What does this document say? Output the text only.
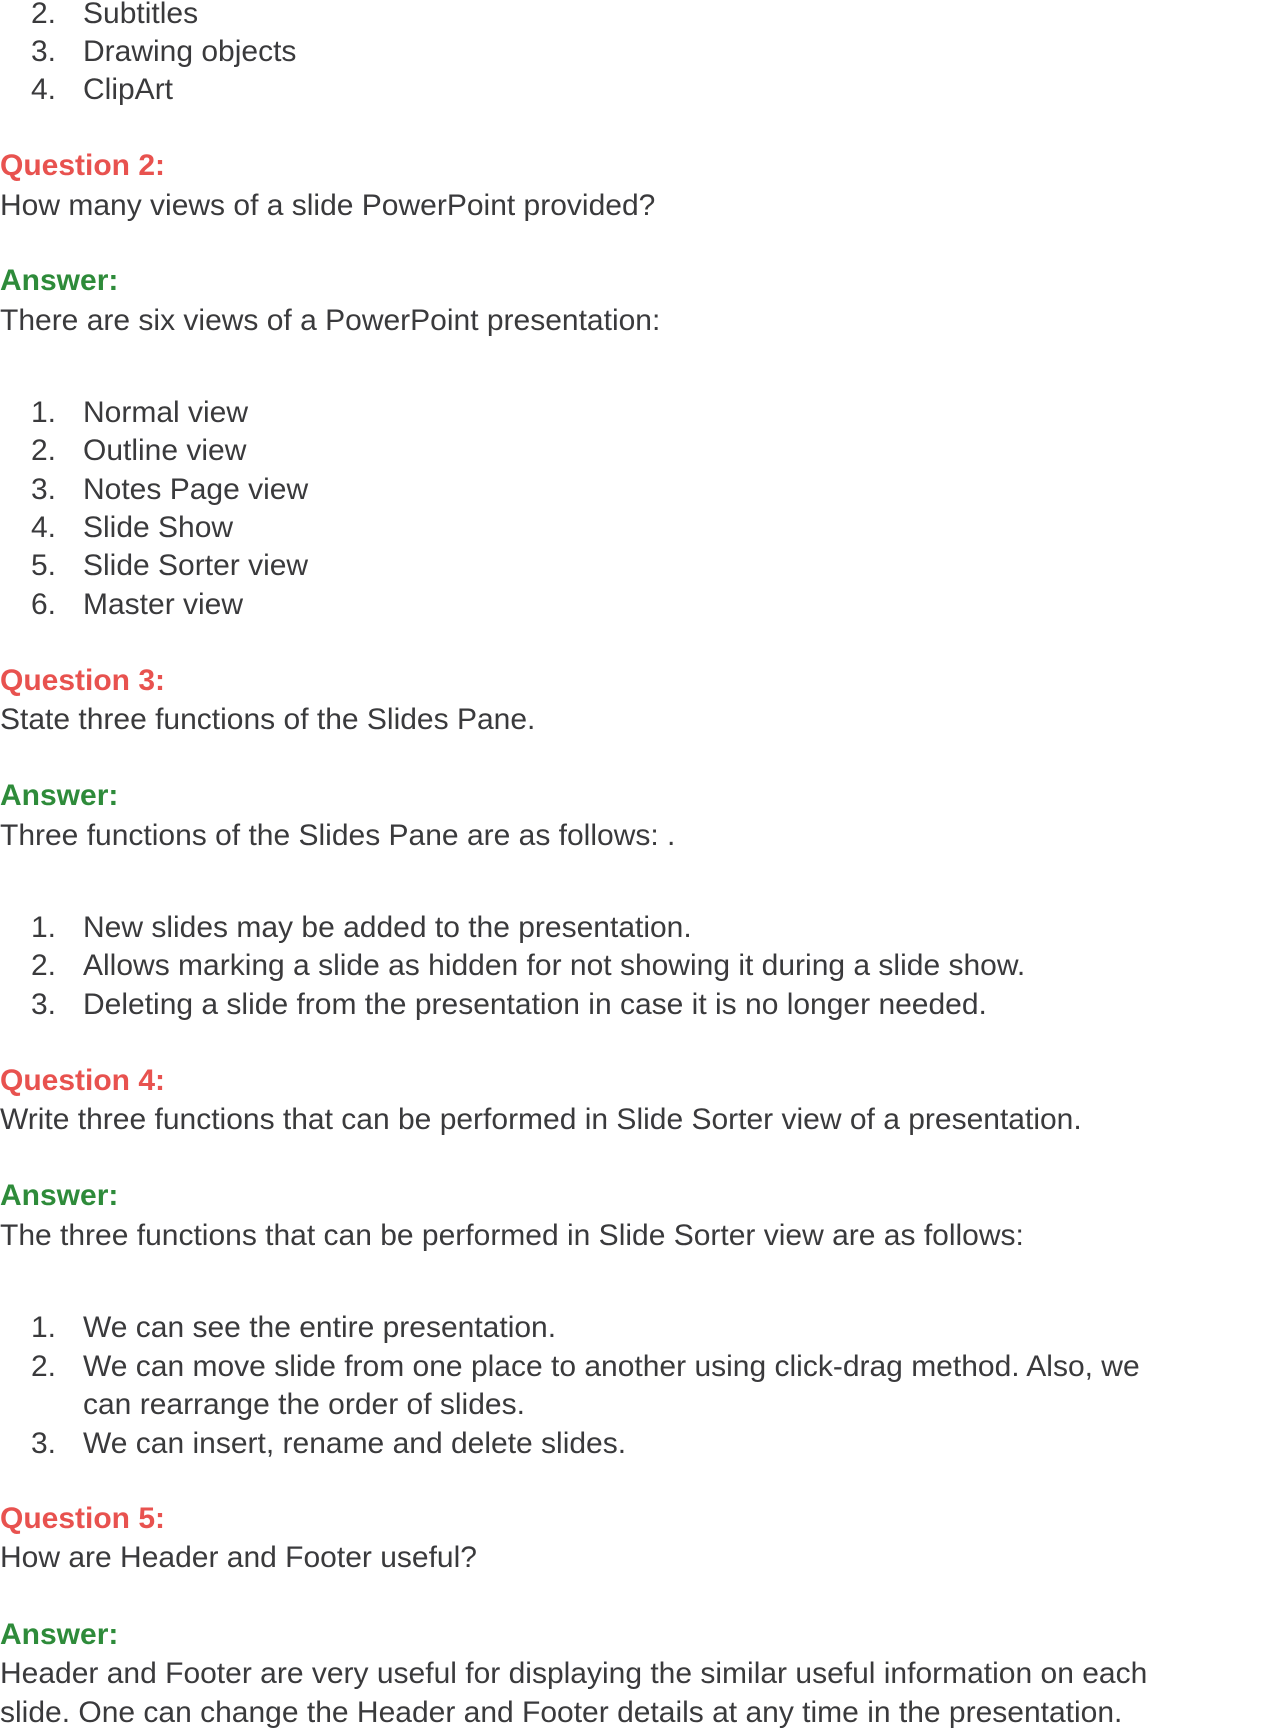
2. Subtitles
3. Drawing objects
4. ClipArt
Question 2:
How many views of a slide PowerPoint provided?
Answer:
There are six views of a PowerPoint presentation:
1. Normal view
2. Outline view
3. Notes Page view
4. Slide Show
5. Slide Sorter view
6. Master view
Question 3:
State three functions of the Slides Pane.
Answer:
Three functions of the Slides Pane are as follows: .
1. New slides may be added to the presentation.
2. Allows marking a slide as hidden for not showing it during a slide show.
3. Deleting a slide from the presentation in case it is no longer needed.
Question 4:
Write three functions that can be performed in Slide Sorter view of a presentation.
Answer:
The three functions that can be performed in Slide Sorter view are as follows:
1. We can see the entire presentation.
2. We can move slide from one place to another using click-drag method. Also, we
can rearrange the order of slides.
3. We can insert, rename and delete slides.
Question 5:
How are Header and Footer useful?
Answer:
Header and Footer are very useful for displaying the similar useful information on each
slide. One can change the Header and Footer details at any time in the presentation.
